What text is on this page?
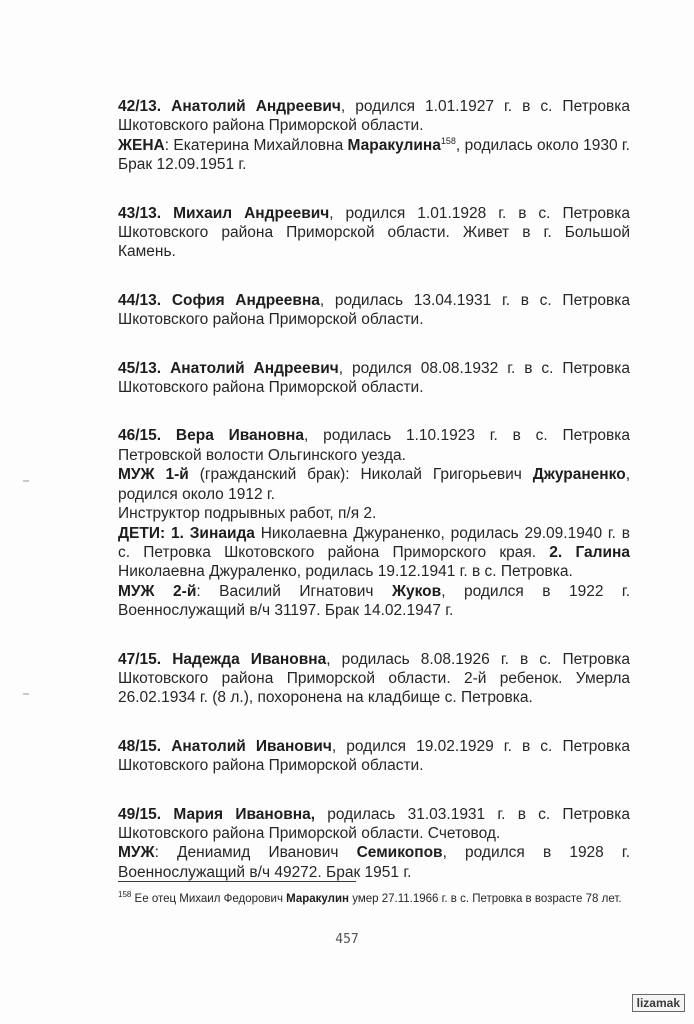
42/13. Анатолий Андреевич, родился 1.01.1927 г. в с. Петровка Шкотовского района Приморской области.

ЖЕНА: Екатерина Михайловна Маракулина$^{158}$, родилась около 1930 г. Брак 12.09.1951 г.

43/13. Михаил Андреевич, родился 1.01.1928 г. в с. Петровка Шкотовского района Приморской области. Живет в г. Большой Камень.

44/13. София Андреевна, родилась 13.04.1931 г. в с. Петровка Шкотовского района Приморской области.

45/13. Анатолий Андреевич, родился 08.08.1932 г. в с. Петровка Шкотовского района Приморской области.

46/15. Вера Ивановна, родилась 1.10.1923 г. в с. Петровка Петровской волости Ольгинского уезда.

МУЖ 1-й (гражданский брак): Николай Григорьевич Джураненко, родился около 1912 г.

Инструктор подрывных работ, п/я 2.

ДЕТИ: 1. Зинаида Николаевна Джураненко, родилась 29.09.1940 г. в с. Петровка Шкотовского района Приморского края. 2. Галина Николаевна Джураленко, родилась 19.12.1941 г. в с. Петровка.

МУЖ 2-й: Василий Игнатович Жуков, родился в 1922 г. Военнослужащий в/ч 31197. Брак 14.02.1947 г.

47/15. Надежда Ивановна, родилась 8.08.1926 г. в с. Петровка Шкотовского района Приморской области. 2-й ребенок. Умерла 26.02.1934 г. (8 л.), похоронена на кладбище с. Петровка.

48/15. Анатолий Иванович, родился 19.02.1929 г. в с. Петровка Шкотовского района Приморской области.

49/15. Мария Ивановна, родилась 31.03.1931 г. в с. Петровка Шкотовского района Приморской области. Счетовод.

МУЖ: Дениамид Иванович Семикопов, родился в 1928 г. Военнослужащий в/ч 49272. Брак 1951 г.

$^{158}$ Ее отец Михаил Федорович Маракулин умер 27.11.1966 г. в с. Петровка в возрасте 78 лет.
457
lizamak
